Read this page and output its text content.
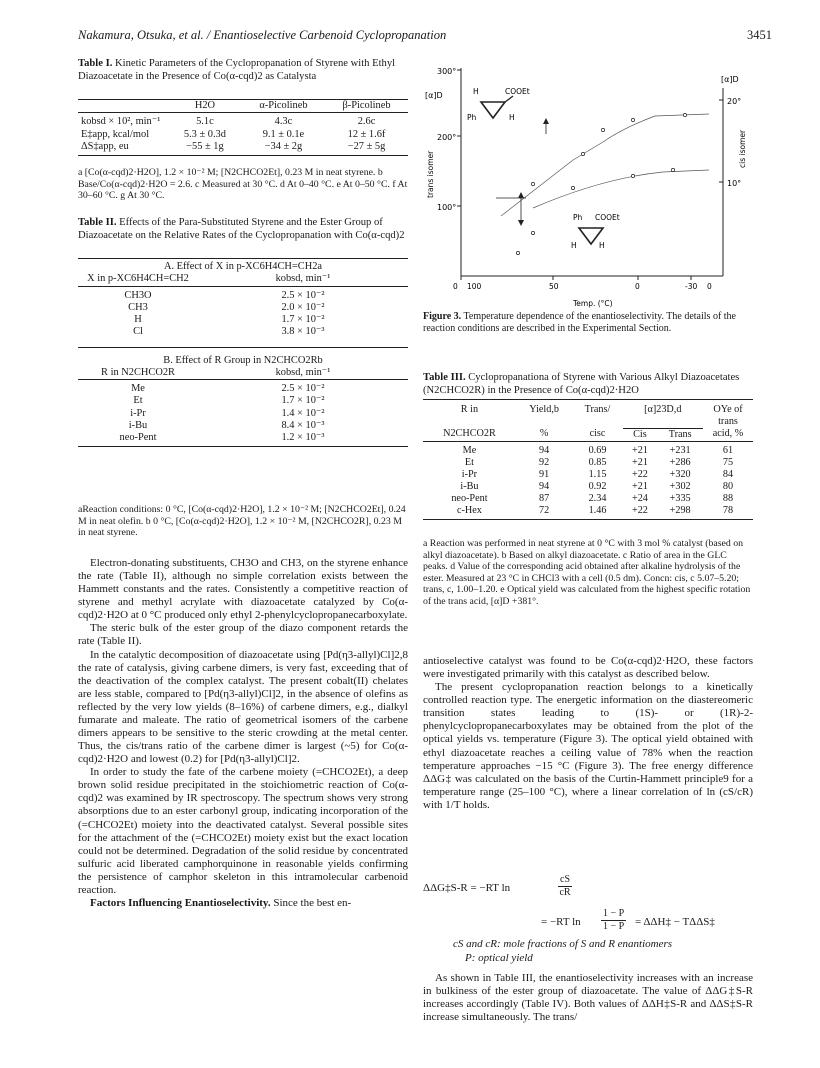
Nakamura, Otsuka, et al. / Enantioselective Carbenoid Cyclopropanation	3451
Table I. Kinetic Parameters of the Cyclopropanation of Styrene with Ethyl Diazoacetate in the Presence of Co(α-cqd)2 as Catalysta
	H2O	α-Picolineb	β-Picolineb
kobsd × 10², min⁻¹	5.1c	4.3c	2.6c
E‡app, kcal/mol	5.3 ± 0.3d	9.1 ± 0.1e	12 ± 1.6f
ΔS‡app, eu	−55 ± 1g	−34 ± 2g	−27 ± 5g
a [Co(α-cqd)2·H2O], 1.2 × 10⁻² M; [N2CHCO2Et], 0.23 M in neat styrene. b Base/Co(α-cqd)2·H2O = 2.6. c Measured at 30 °C. d At 0–40 °C. e At 0–50 °C. f At 30–60 °C. g At 30 °C.
Table II. Effects of the Para-Substituted Styrene and the Ester Group of Diazoacetate on the Relative Rates of the Cyclopropanation with Co(α-cqd)2
A. Effect of X in p-XC6H4CH=CH2a	
X in p-XC6H4CH=CH2	kobsd, min⁻¹
CH3O	2.5 × 10⁻²
CH3	2.0 × 10⁻²
H	1.7 × 10⁻²
Cl	3.8 × 10⁻³
B. Effect of R Group in N2CHCO2Rb	
R in N2CHCO2R	kobsd, min⁻¹
Me	2.5 × 10⁻²
Et	1.7 × 10⁻²
i-Pr	1.4 × 10⁻²
i-Bu	8.4 × 10⁻³
neo-Pent	1.2 × 10⁻³
aReaction conditions: 0 °C, [Co(α-cqd)2·H2O], 1.2 × 10⁻² M; [N2CHCO2Et], 0.24 M in neat olefin. b 0 °C, [Co(α-cqd)2·H2O], 1.2 × 10⁻² M, [N2CHCO2R], 0.23 M in neat styrene.

Electron-donating substituents, CH3O and CH3, on the styrene enhance the rate (Table II), although no simple correlation exists between the Hammett constants and the rates. Consistently a competitive reaction of styrene and methyl acrylate with diazoacetate catalyzed by Co(α-cqd)2·H2O at 0 °C produced only ethyl 2-phenylcyclopropanecarboxylate.

The steric bulk of the ester group of the diazo component retards the rate (Table II).

In the catalytic decomposition of diazoacetate using [Pd(η3-allyl)Cl]2,8 the rate of catalysis, giving carbene dimers, is very fast, exceeding that of the deactivation of the complex catalyst. The present cobalt(II) chelates are less stable, compared to [Pd(η3-allyl)Cl]2, in the absence of olefins as reflected by the very low yields (8–16%) of carbene dimers, e.g., dialkyl fumarate and maleate. The ratio of geometrical isomers of the carbene dimers appears to be sensitive to the steric crowding at the metal center. Thus, the cis/trans ratio of the carbene dimer is largest (~5) for Co(α-cqd)2·H2O and lowest (0.2) for [Pd(η3-allyl)Cl]2.

In order to study the fate of the carbene moiety (=CHCO2Et), a deep brown solid residue precipitated in the stoichiometric reaction of Co(α-cqd)2 was examined by IR spectroscopy. The spectrum shows very strong absorptions due to an ester carbonyl group, indicating incorporation of the (=CHCO2Et) moiety into the deactivated catalyst. Several possible sites for the attachment of the (=CHCO2Et) moiety exist but the exact location could not be determined. Degradation of the solid residue by concentrated sulfuric acid liberated camphorquinone in reasonable yields confirming the persistence of camphor skeleton in this intramolecular carbenoid reaction.

Factors Influencing Enantioselectivity. Since the best en-

300°
200°
100°
20°
10°
[α]D
[α]D
trans isomer
cis isomer
0 100	50	0	-30 0
Temp. (°C)
H	COOEt
Ph	H
Ph COOEt
H	H
Figure 3. Temperature dependence of the enantioselectivity. The details of the reaction conditions are described in the Experimental Section.
Table III. Cyclopropanationa of Styrene with Various Alkyl Diazoacetates (N2CHCO2R) in the Presence of Co(α-cqd)2·H2O
R in	Yield,b	Trans/	[α]23D,d		OYe of trans
N2CHCO2R	%	cisc	Cis	Trans	acid, %
Me	94	0.69	+21	+231	61
Et	92	0.85	+21	+286	75
i-Pr	91	1.15	+22	+320	84
i-Bu	94	0.92	+21	+302	80
neo-Pent	87	2.34	+24	+335	88
c-Hex	72	1.46	+22	+298	78
a Reaction was performed in neat styrene at 0 °C with 3 mol % catalyst (based on alkyl diazoacetate). b Based on alkyl diazoacetate. c Ratio of area in the GLC peaks. d Value of the corresponding acid obtained after alkaline hydrolysis of the ester. Measured at 23 °C in CHCl3 with a cell (0.5 dm). Concn: cis, c 5.07–5.20; trans, c, 1.00–1.20. e Optical yield was calculated from the highest specific rotation of the trans acid, [α]D +381°.

antioselective catalyst was found to be Co(α-cqd)2·H2O, these factors were investigated primarily with this catalyst as described below.

The present cyclopropanation reaction belongs to a kinetically controlled reaction type. The energetic information on the diastereomeric transition states leading to (1S)- or (1R)-2-phenylcyclopropanecarboxylates may be obtained from the plot of the optical yields vs. temperature (Figure 3). The optical yield obtained with ethyl diazoacetate reaches a ceiling value of 78% when the reaction temperature approaches −15 °C (Figure 3). The free energy difference ΔΔG‡ was calculated on the basis of the Curtin-Hammett principle9 for a temperature range (25–100 °C), where a linear correlation of ln (cS/cR) with 1/T holds.

ΔΔG‡S-R = −RT ln	$\frac{cS}{cR}$
= −RT $\ln \frac{1 - P}{1 - P}$ = ΔΔH‡ − TΔΔS‡
cS and cR: mole fractions of S and R enantiomers
P: optical yield

As shown in Table III, the enantioselectivity increases with an increase in bulkiness of the ester group of diazoacetate. The value of ΔΔG‡S-R increases accordingly (Table IV). Both values of ΔΔH‡S-R and ΔΔS‡S-R increase simultaneously. The trans/
